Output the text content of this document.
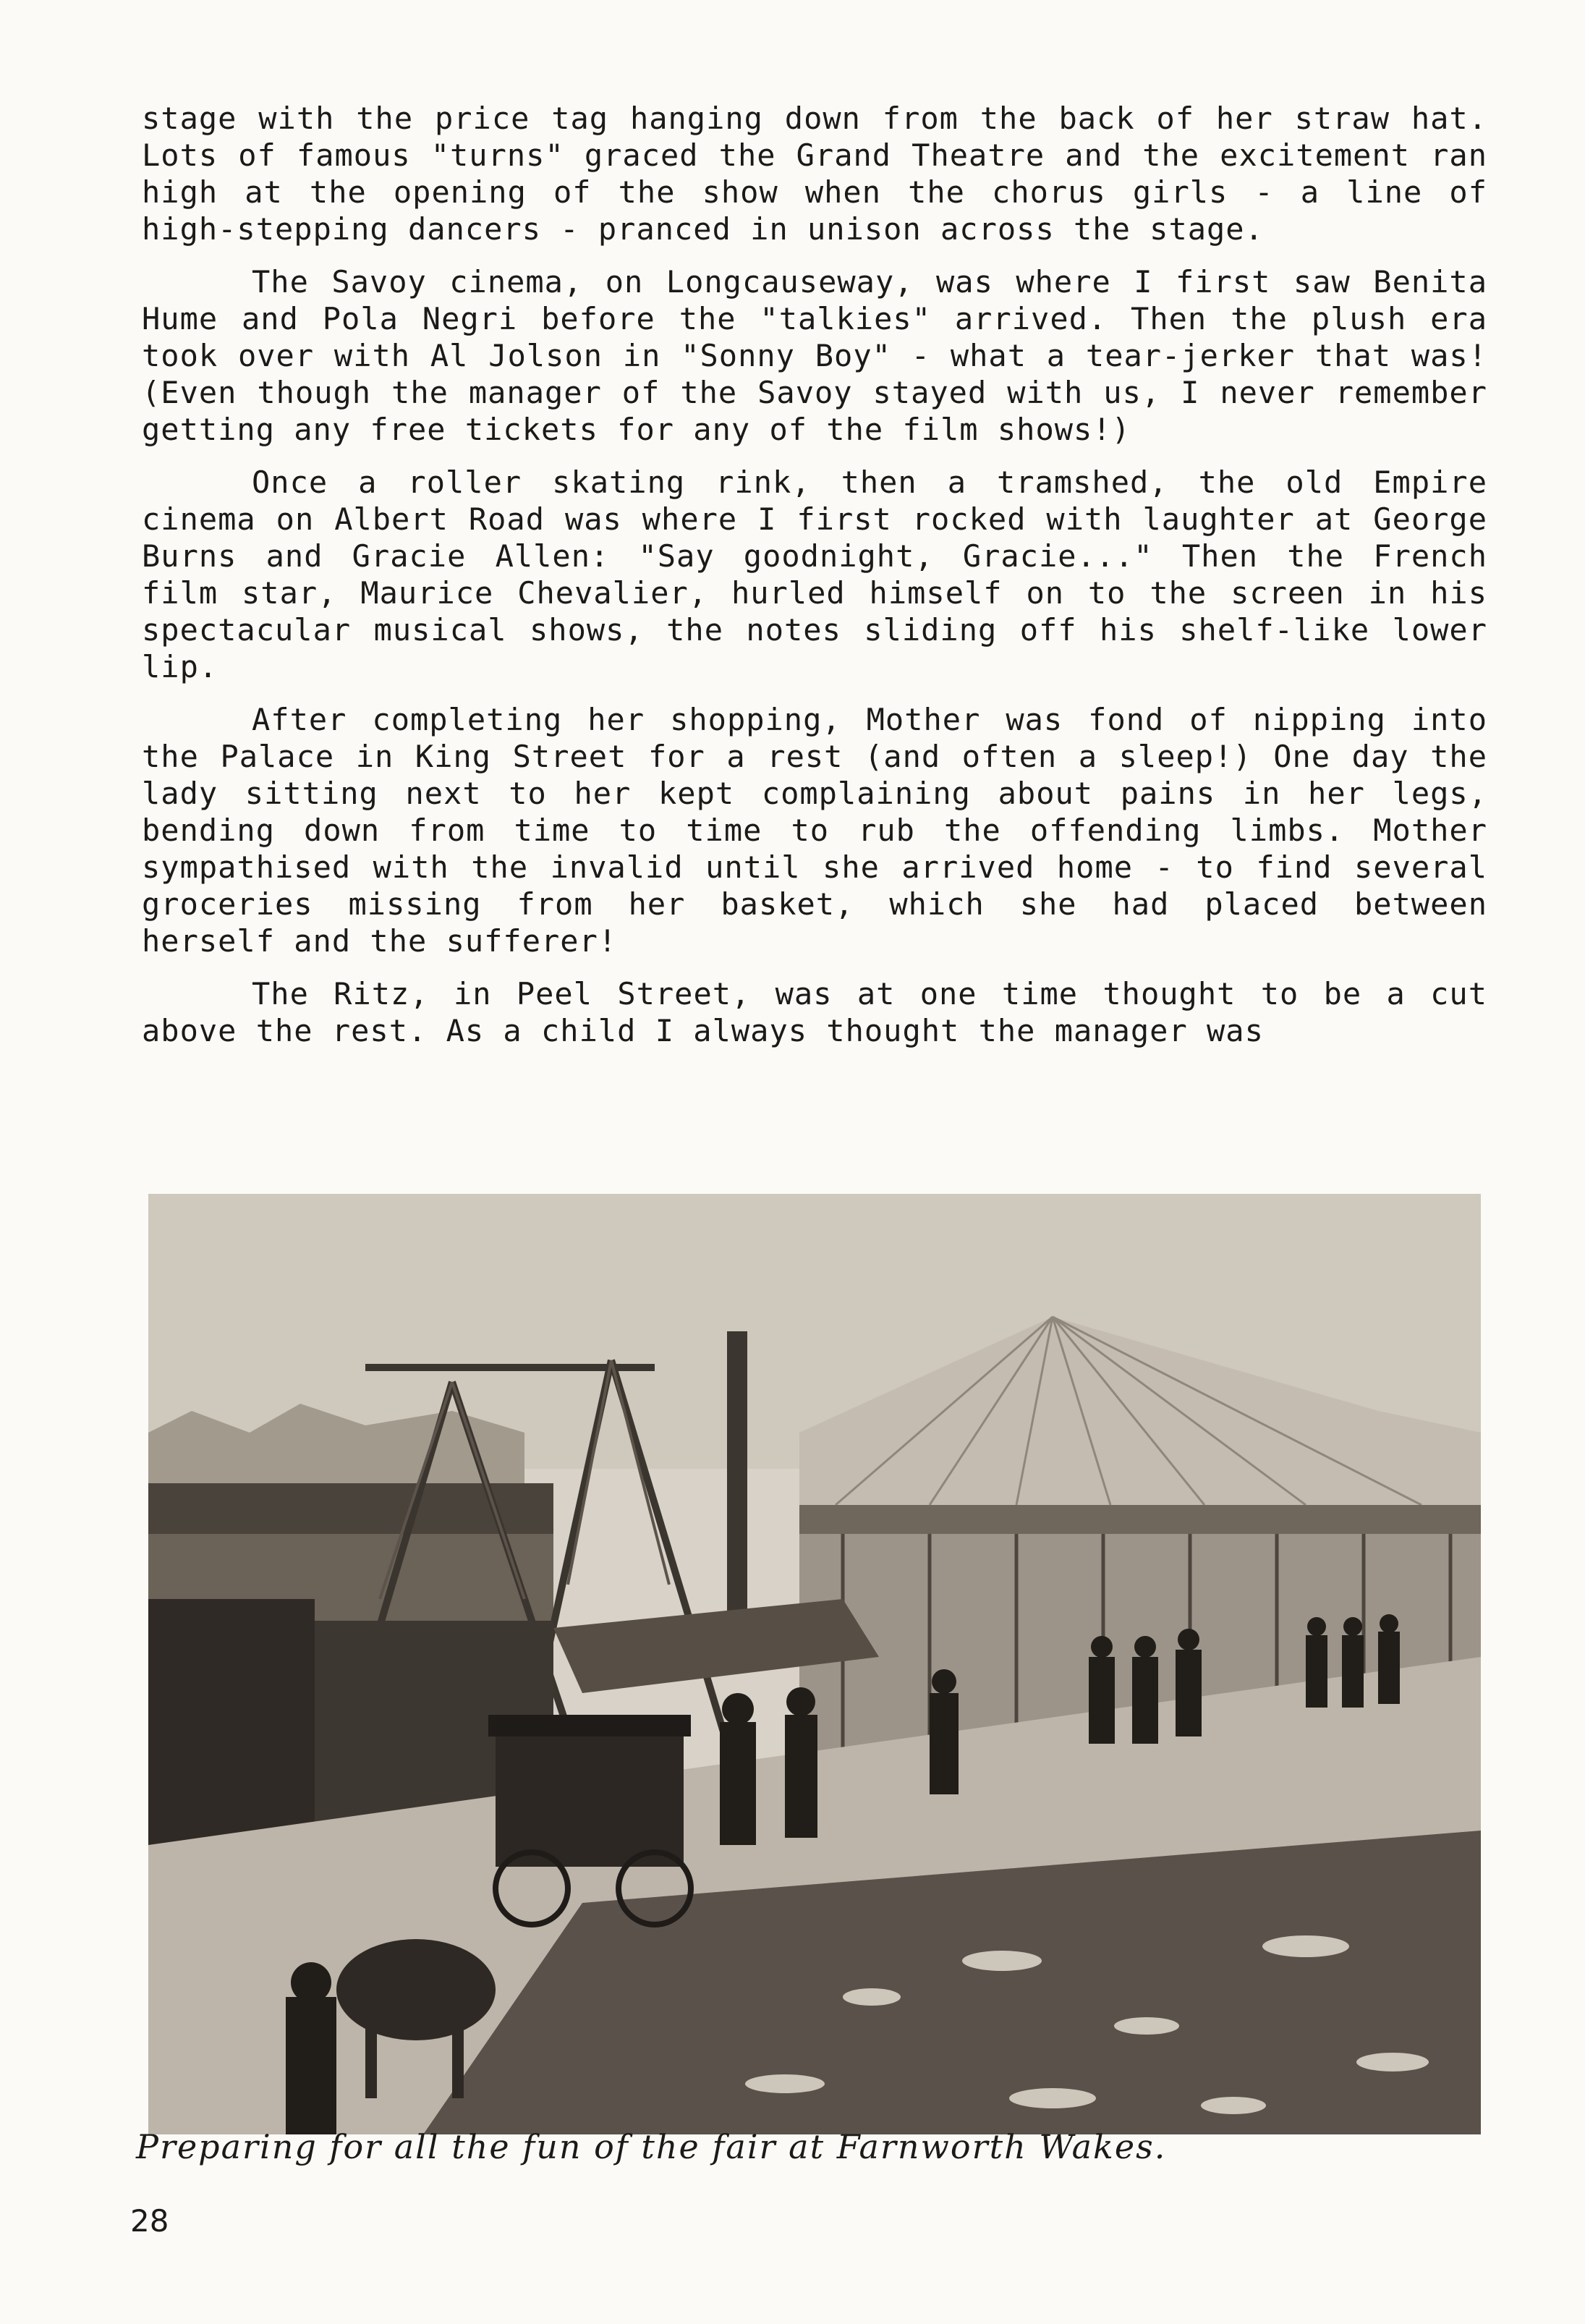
stage with the price tag hanging down from the back of her straw hat. Lots of famous "turns" graced the Grand Theatre and the excitement ran high at the opening of the show when the chorus girls - a line of high-stepping dancers - pranced in unison across the stage.

The Savoy cinema, on Longcauseway, was where I first saw Benita Hume and Pola Negri before the "talkies" arrived. Then the plush era took over with Al Jolson in "Sonny Boy" - what a tear-jerker that was! (Even though the manager of the Savoy stayed with us, I never remember getting any free tickets for any of the film shows!)

Once a roller skating rink, then a tramshed, the old Empire cinema on Albert Road was where I first rocked with laughter at George Burns and Gracie Allen: "Say goodnight, Gracie..." Then the French film star, Maurice Chevalier, hurled himself on to the screen in his spectacular musical shows, the notes sliding off his shelf-like lower lip.

After completing her shopping, Mother was fond of nipping into the Palace in King Street for a rest (and often a sleep!) One day the lady sitting next to her kept complaining about pains in her legs, bending down from time to time to rub the offending limbs. Mother sympathised with the invalid until she arrived home - to find several groceries missing from her basket, which she had placed between herself and the sufferer!

The Ritz, in Peel Street, was at one time thought to be a cut above the rest. As a child I always thought the manager was

Preparing for all the fun of the fair at Farnworth Wakes.
28
